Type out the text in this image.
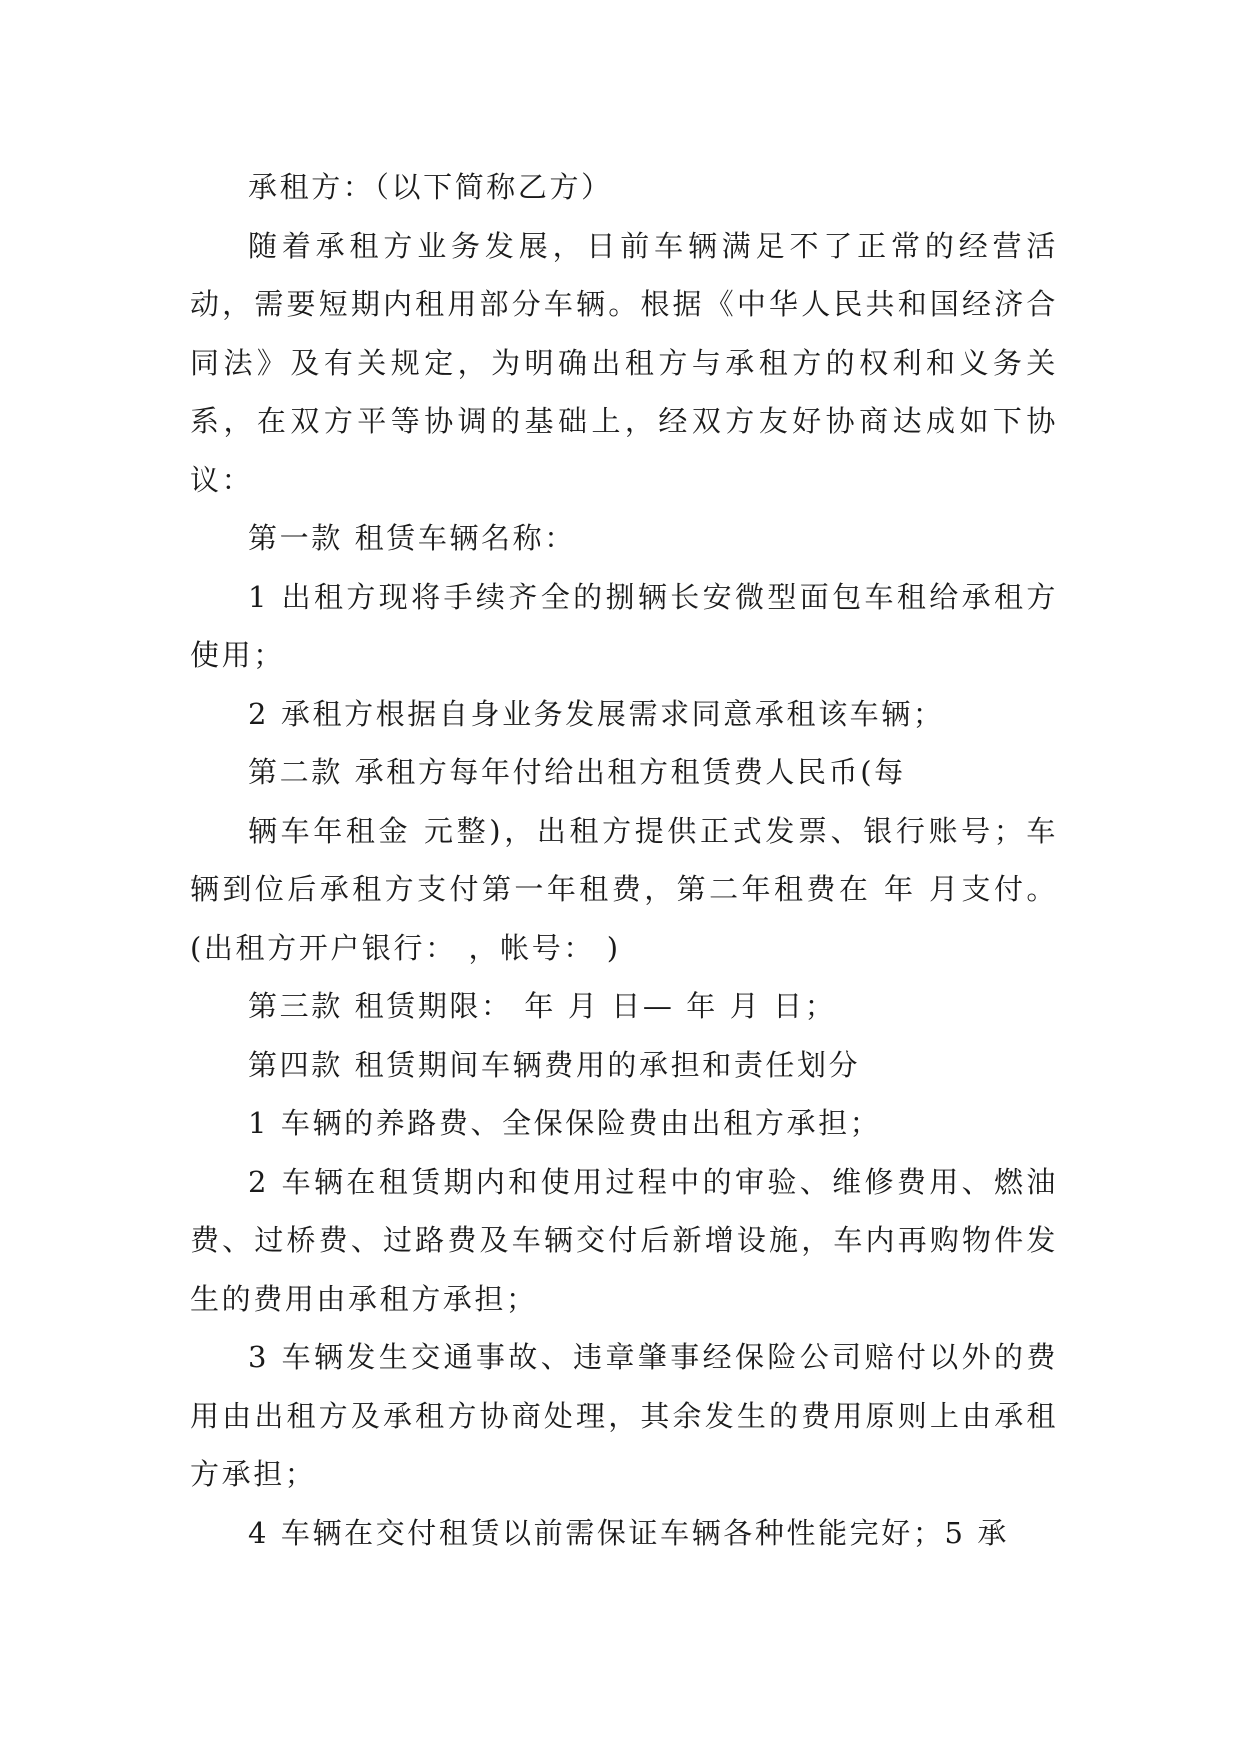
承租方：（以下简称乙方）

随着承租方业务发展，日前车辆满足不了正常的经营活动，需要短期内租用部分车辆。根据《中华人民共和国经济合同法》及有关规定，为明确出租方与承租方的权利和义务关系，在双方平等协调的基础上，经双方友好协商达成如下协议：

第一款 租赁车辆名称：

1 出租方现将手续齐全的捌辆长安微型面包车租给承租方使用；

2 承租方根据自身业务发展需求同意承租该车辆；

第二款 承租方每年付给出租方租赁费人民币(每

辆车年租金 元整)，出租方提供正式发票、银行账号；车辆到位后承租方支付第一年租费，第二年租费在 年 月支付。(出租方开户银行： ，帐号： )

第三款 租赁期限： 年 月 日— 年 月 日；

第四款 租赁期间车辆费用的承担和责任划分

1 车辆的养路费、全保保险费由出租方承担；

2 车辆在租赁期内和使用过程中的审验、维修费用、燃油费、过桥费、过路费及车辆交付后新增设施，车内再购物件发生的费用由承租方承担；

3 车辆发生交通事故、违章肇事经保险公司赔付以外的费用由出租方及承租方协商处理，其余发生的费用原则上由承租方承担；

4 车辆在交付租赁以前需保证车辆各种性能完好；5 承
